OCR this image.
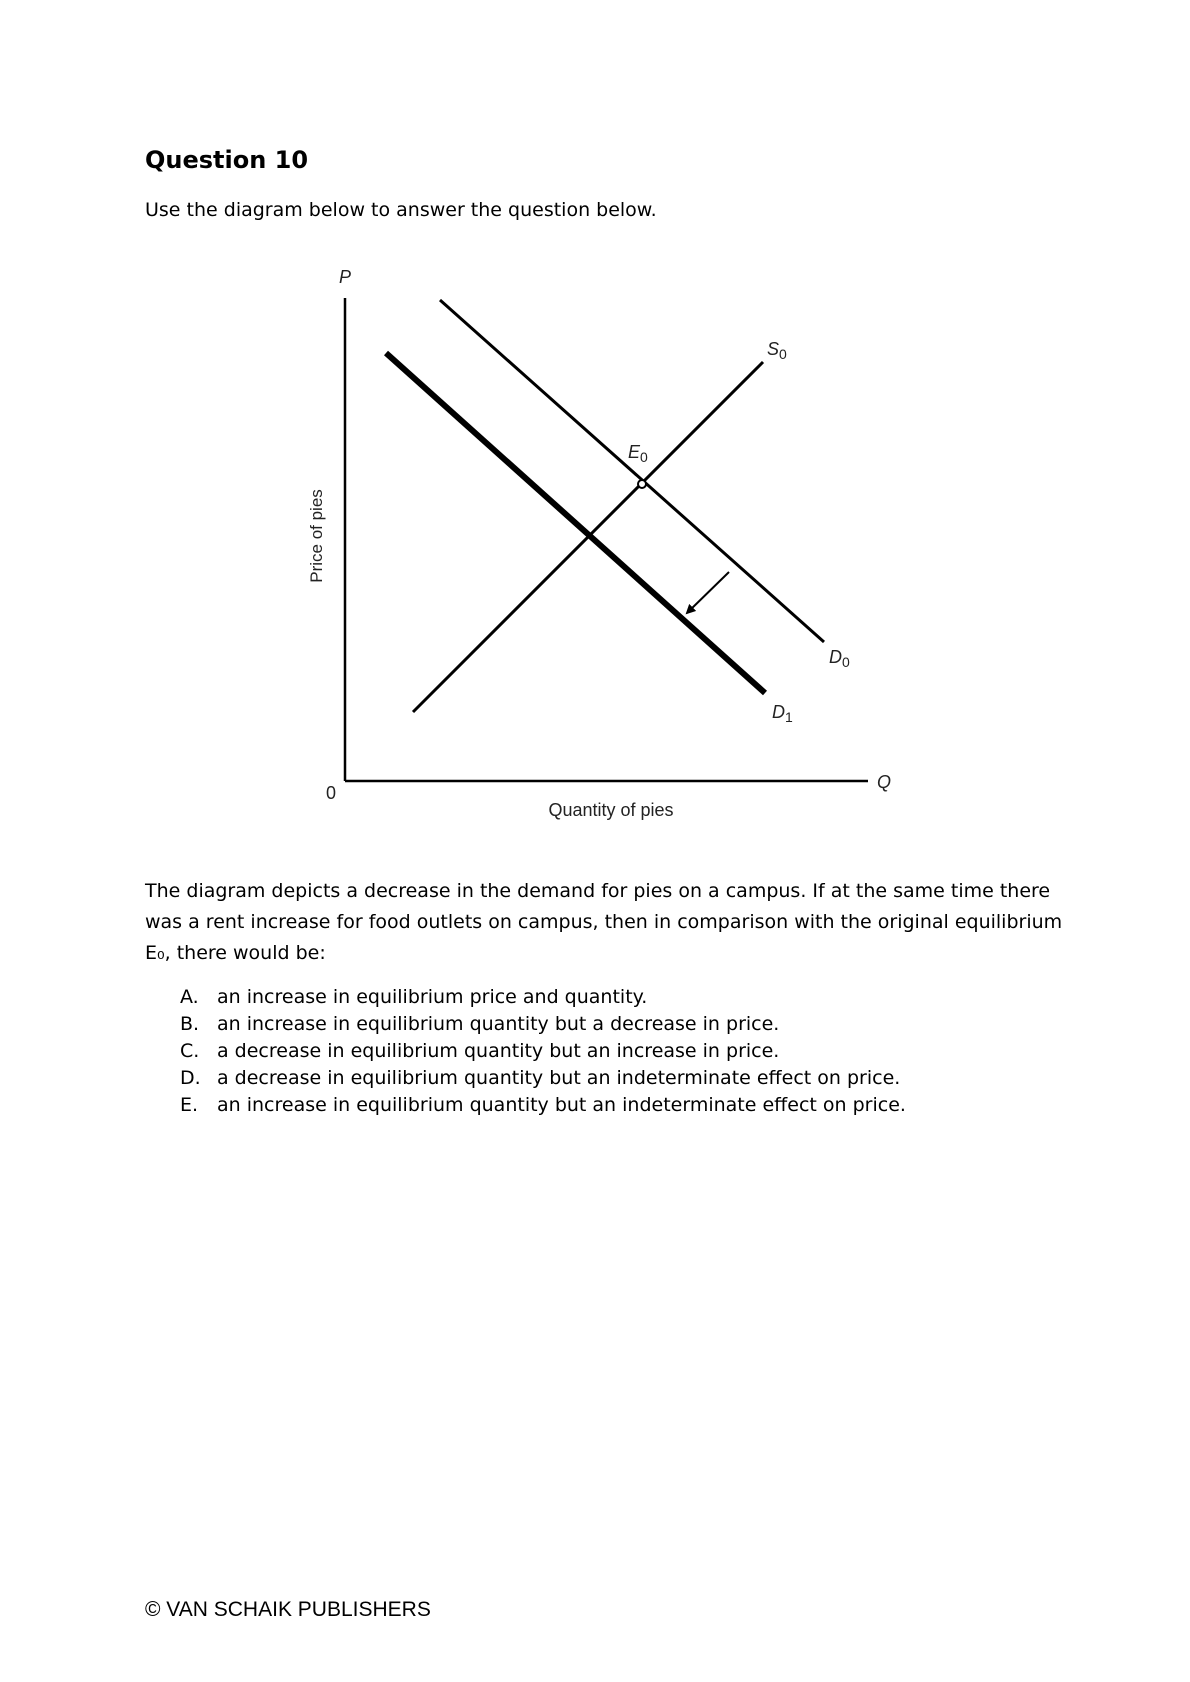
Question 10

Use the diagram below to answer the question below.

P
Q
0
Price of pies
Quantity of pies
$S_0$
$E_0$
$D_0$
$D_1$

The diagram depicts a decrease in the demand for pies on a campus. If at the same time there was a rent increase for food outlets on campus, then in comparison with the original equilibrium E₀, there would be:

A. an increase in equilibrium price and quantity.
B. an increase in equilibrium quantity but a decrease in price.
C. a decrease in equilibrium quantity but an increase in price.
D. a decrease in equilibrium quantity but an indeterminate effect on price.
E. an increase in equilibrium quantity but an indeterminate effect on price.

© VAN SCHAIK PUBLISHERS
